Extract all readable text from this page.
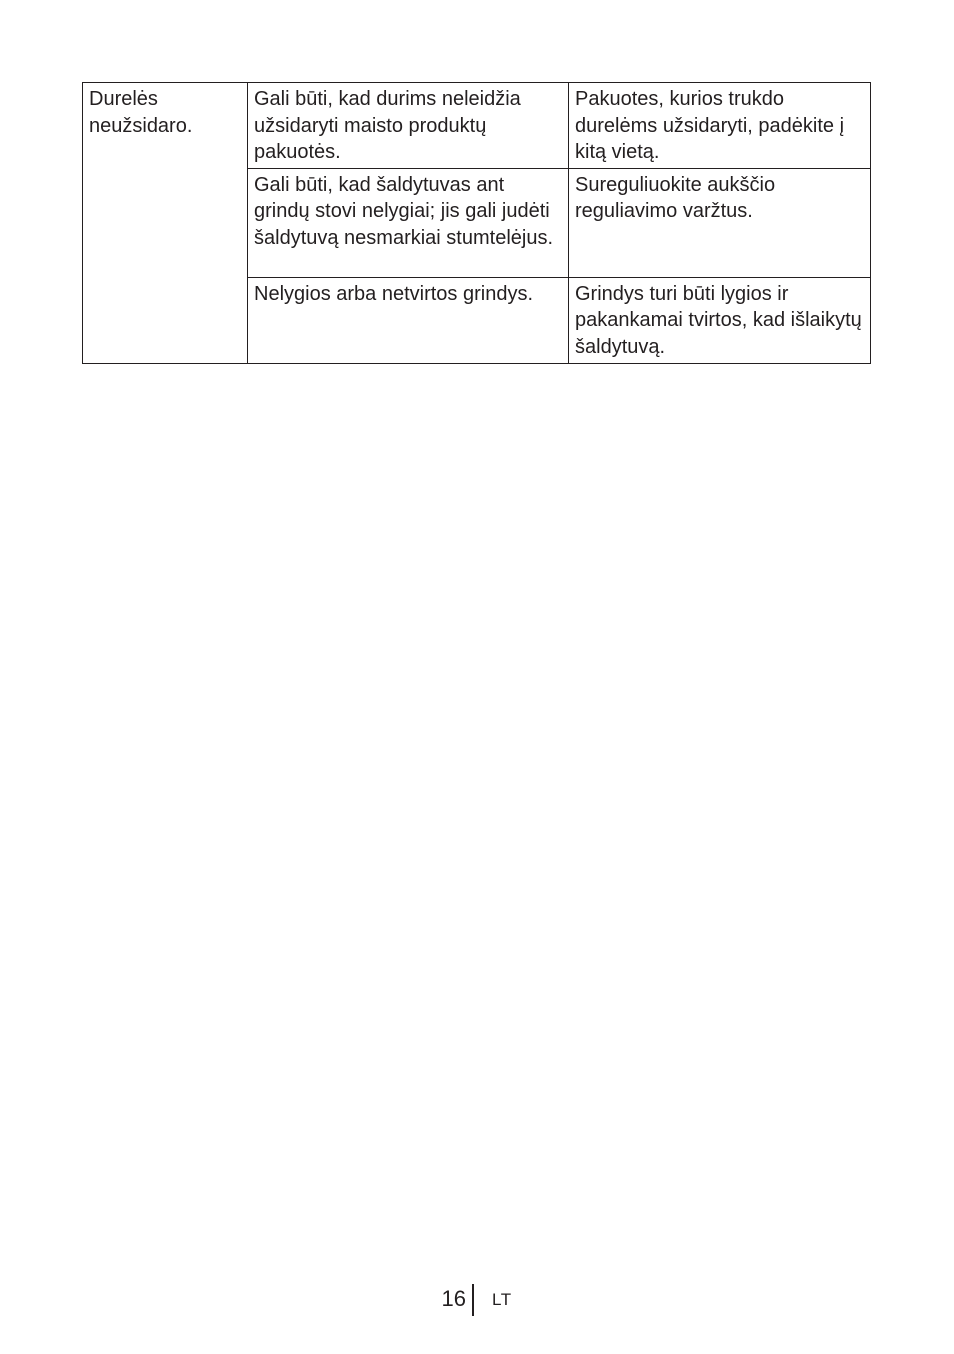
Durelės neužsidaro.	Gali būti, kad durims neleidžia užsidaryti maisto produktų pakuotės.	Pakuotes, kurios trukdo durelėms užsidaryti, padėkite į kitą vietą.

	Gali būti, kad šaldytuvas ant grindų stovi nelygiai; jis gali judėti šaldytuvą nesmarkiai stumtelėjus.	Sureguliuokite aukščio reguliavimo varžtus.

	Nelygios arba netvirtos grindys.	Grindys turi būti lygios ir pakankamai tvirtos, kad išlaikytų šaldytuvą.
16 LT
